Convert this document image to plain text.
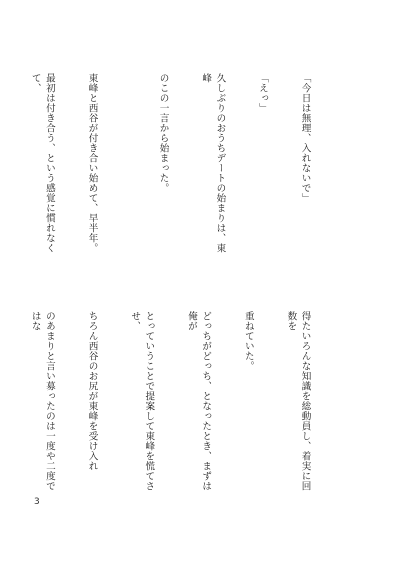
「今日は無理、入れないで」

「えっ」

久しぶりのおうちデートの始まりは、東峰

のこの一言から始まった。

東峰と西谷が付き合い始めて、早半年。

最初は付き合う、という感覚に慣れなくて、

得たいろんな知識を総動員し、着実に回数を

重ねていた。

どっちがどっち、となったとき、まずは俺が

とっていうことで提案して東峰を慌てさせ、

ちろん西谷のお尻が東峰を受け入れ

のあまりと言い募ったのは一度や二度ではな

3
